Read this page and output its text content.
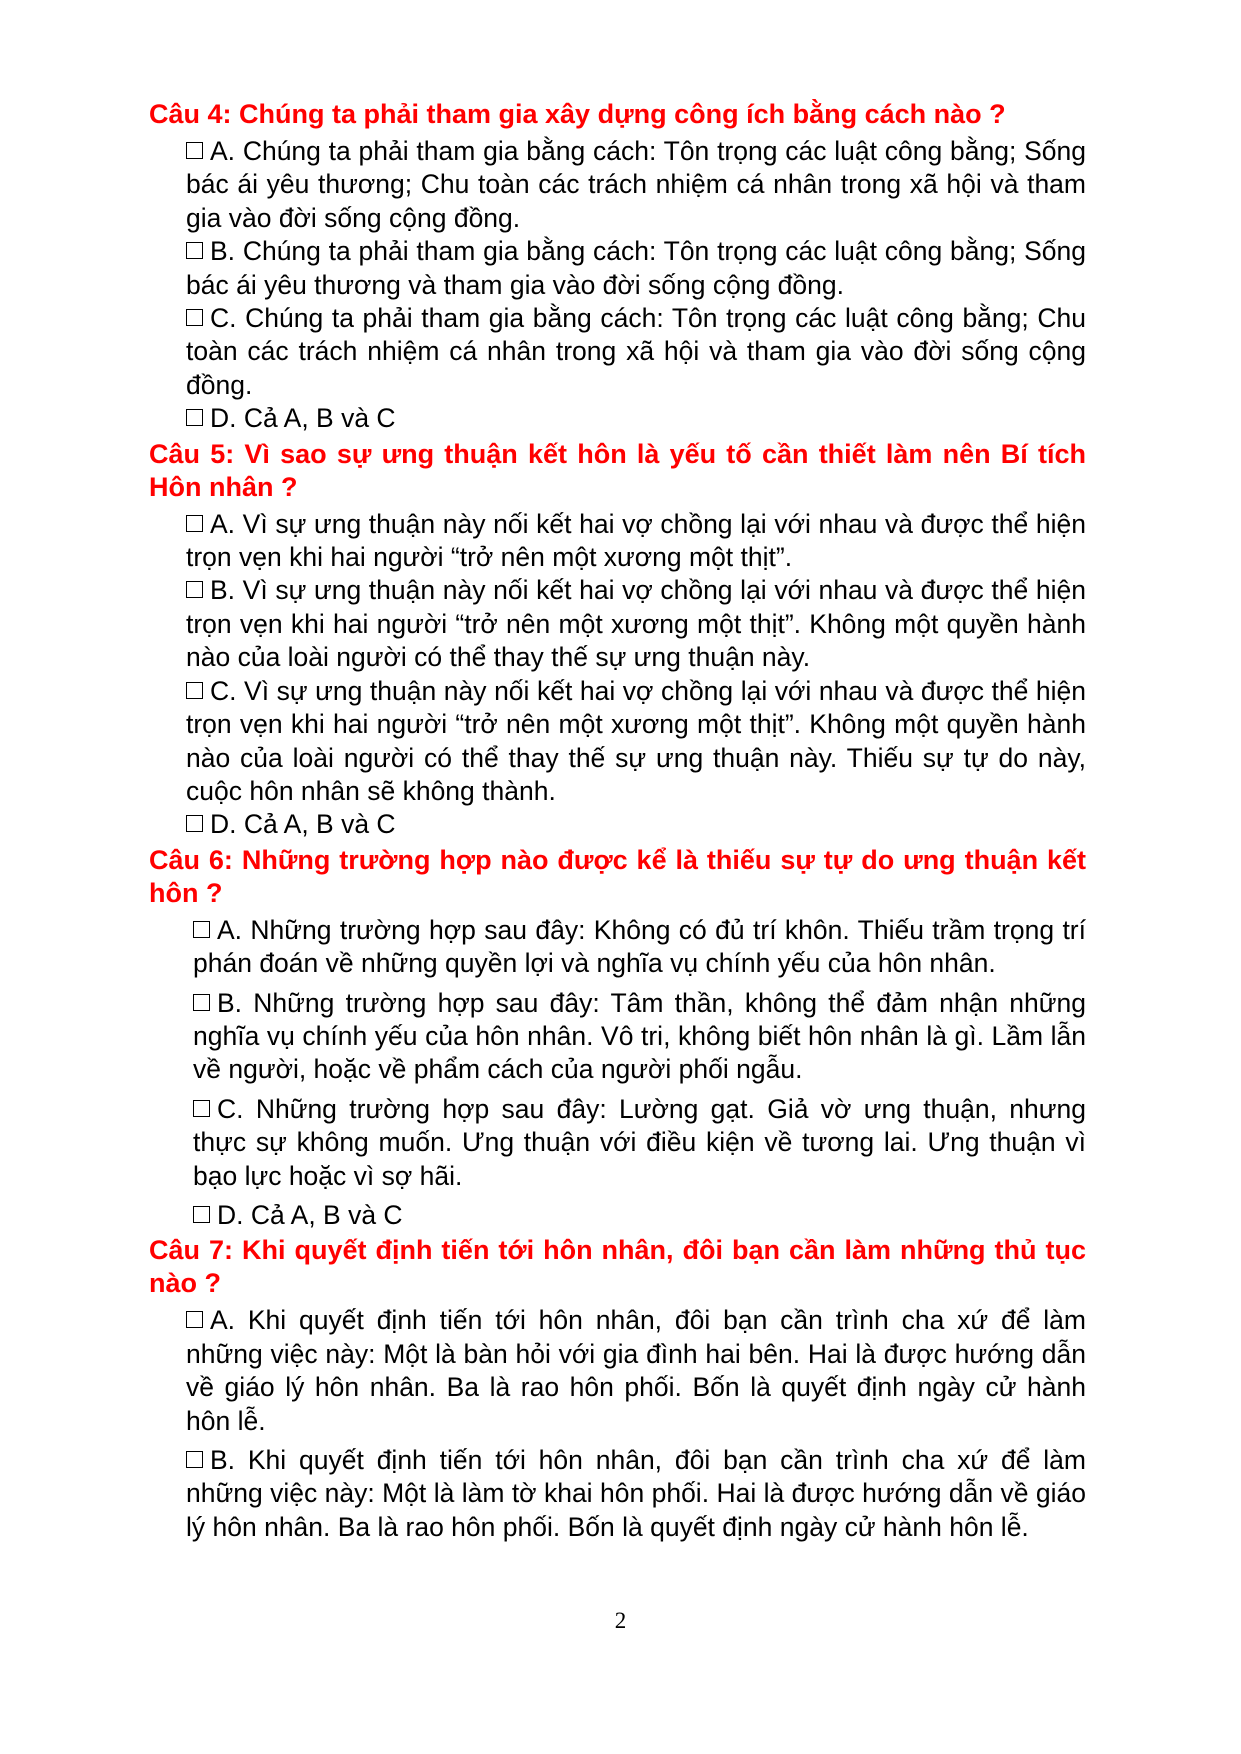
Câu 4: Chúng ta phải tham gia xây dựng công ích bằng cách nào ?
A. Chúng ta phải tham gia bằng cách: Tôn trọng các luật công bằng; Sống bác ái yêu thương; Chu toàn các trách nhiệm cá nhân trong xã hội và tham gia vào đời sống cộng đồng.
B. Chúng ta phải tham gia bằng cách: Tôn trọng các luật công bằng; Sống bác ái yêu thương và tham gia vào đời sống cộng đồng.
C. Chúng ta phải tham gia bằng cách: Tôn trọng các luật công bằng; Chu toàn các trách nhiệm cá nhân trong xã hội và tham gia vào đời sống cộng đồng.
D. Cả A, B và C
Câu 5: Vì sao sự ưng thuận kết hôn là yếu tố cần thiết làm nên Bí tích Hôn nhân ?
A. Vì sự ưng thuận này nối kết hai vợ chồng lại với nhau và được thể hiện trọn vẹn khi hai người “trở nên một xương một thịt”.
B. Vì sự ưng thuận này nối kết hai vợ chồng lại với nhau và được thể hiện trọn vẹn khi hai người “trở nên một xương một thịt”. Không một quyền hành nào của loài người có thể thay thế sự ưng thuận này.
C. Vì sự ưng thuận này nối kết hai vợ chồng lại với nhau và được thể hiện trọn vẹn khi hai người “trở nên một xương một thịt”. Không một quyền hành nào của loài người có thể thay thế sự ưng thuận này. Thiếu sự tự do này, cuộc hôn nhân sẽ không thành.
D. Cả A, B và C
Câu 6: Những trường hợp nào được kể là thiếu sự tự do ưng thuận kết hôn ?
A. Những trường hợp sau đây: Không có đủ trí khôn. Thiếu trầm trọng trí phán đoán về những quyền lợi và nghĩa vụ chính yếu của hôn nhân.
B. Những trường hợp sau đây: Tâm thần, không thể đảm nhận những nghĩa vụ chính yếu của hôn nhân. Vô tri, không biết hôn nhân là gì. Lầm lẫn về người, hoặc về phẩm cách của người phối ngẫu.
C. Những trường hợp sau đây: Lường gạt. Giả vờ ưng thuận, nhưng thực sự không muốn. Ưng thuận với điều kiện về tương lai. Ưng thuận vì bạo lực hoặc vì sợ hãi.
D. Cả A, B và C
Câu 7: Khi quyết định tiến tới hôn nhân, đôi bạn cần làm những thủ tục nào ?
A. Khi quyết định tiến tới hôn nhân, đôi bạn cần trình cha xứ để làm những việc này: Một là bàn hỏi với gia đình hai bên. Hai là được hướng dẫn về giáo lý hôn nhân. Ba là rao hôn phối. Bốn là quyết định ngày cử hành hôn lễ.
B. Khi quyết định tiến tới hôn nhân, đôi bạn cần trình cha xứ để làm những việc này: Một là làm tờ khai hôn phối. Hai là được hướng dẫn về giáo lý hôn nhân. Ba là rao hôn phối. Bốn là quyết định ngày cử hành hôn lễ.
2
